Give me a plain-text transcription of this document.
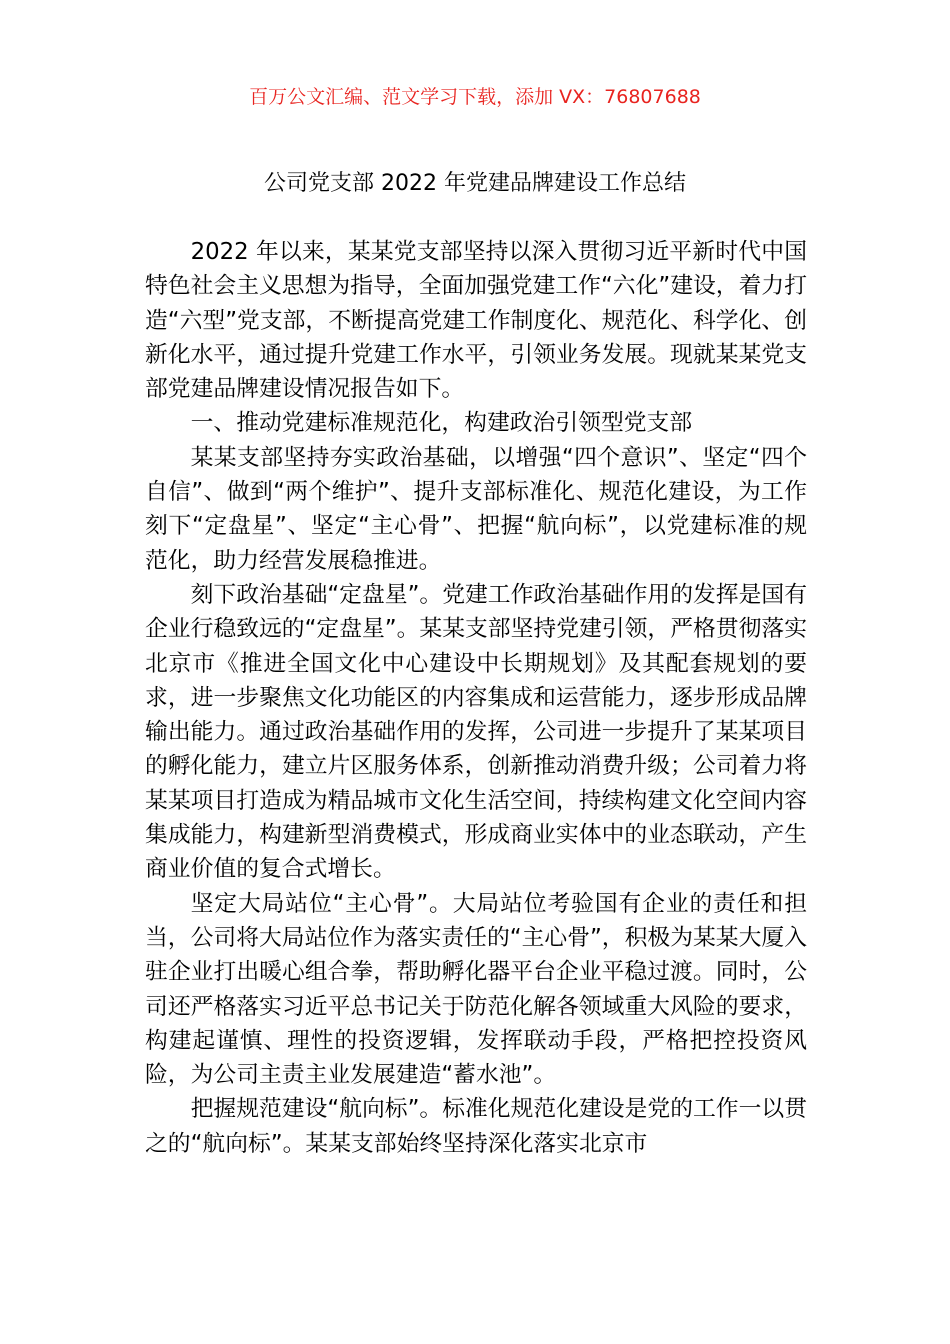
百万公文汇编、范文学习下载，添加 VX：76807688
公司党支部 2022 年党建品牌建设工作总结

2022 年以来，某某党支部坚持以深入贯彻习近平新时代中国特色社会主义思想为指导，全面加强党建工作“六化”建设，着力打造“六型”党支部，不断提高党建工作制度化、规范化、科学化、创新化水平，通过提升党建工作水平，引领业务发展。现就某某党支部党建品牌建设情况报告如下。

一、推动党建标准规范化，构建政治引领型党支部

某某支部坚持夯实政治基础，以增强“四个意识”、坚定“四个自信”、做到“两个维护”、提升支部标准化、规范化建设，为工作刻下“定盘星”、坚定“主心骨”、把握“航向标”，以党建标准的规范化，助力经营发展稳推进。

刻下政治基础“定盘星”。党建工作政治基础作用的发挥是国有企业行稳致远的“定盘星”。某某支部坚持党建引领，严格贯彻落实北京市《推进全国文化中心建设中长期规划》及其配套规划的要求，进一步聚焦文化功能区的内容集成和运营能力，逐步形成品牌输出能力。通过政治基础作用的发挥，公司进一步提升了某某项目的孵化能力，建立片区服务体系，创新推动消费升级；公司着力将某某项目打造成为精品城市文化生活空间，持续构建文化空间内容集成能力，构建新型消费模式，形成商业实体中的业态联动，产生商业价值的复合式增长。

坚定大局站位“主心骨”。大局站位考验国有企业的责任和担当，公司将大局站位作为落实责任的“主心骨”，积极为某某大厦入驻企业打出暖心组合拳，帮助孵化器平台企业平稳过渡。同时，公司还严格落实习近平总书记关于防范化解各领域重大风险的要求，构建起谨慎、理性的投资逻辑，发挥联动手段，严格把控投资风险，为公司主责主业发展建造“蓄水池”。

把握规范建设“航向标”。标准化规范化建设是党的工作一以贯之的“航向标”。某某支部始终坚持深化落实北京市
